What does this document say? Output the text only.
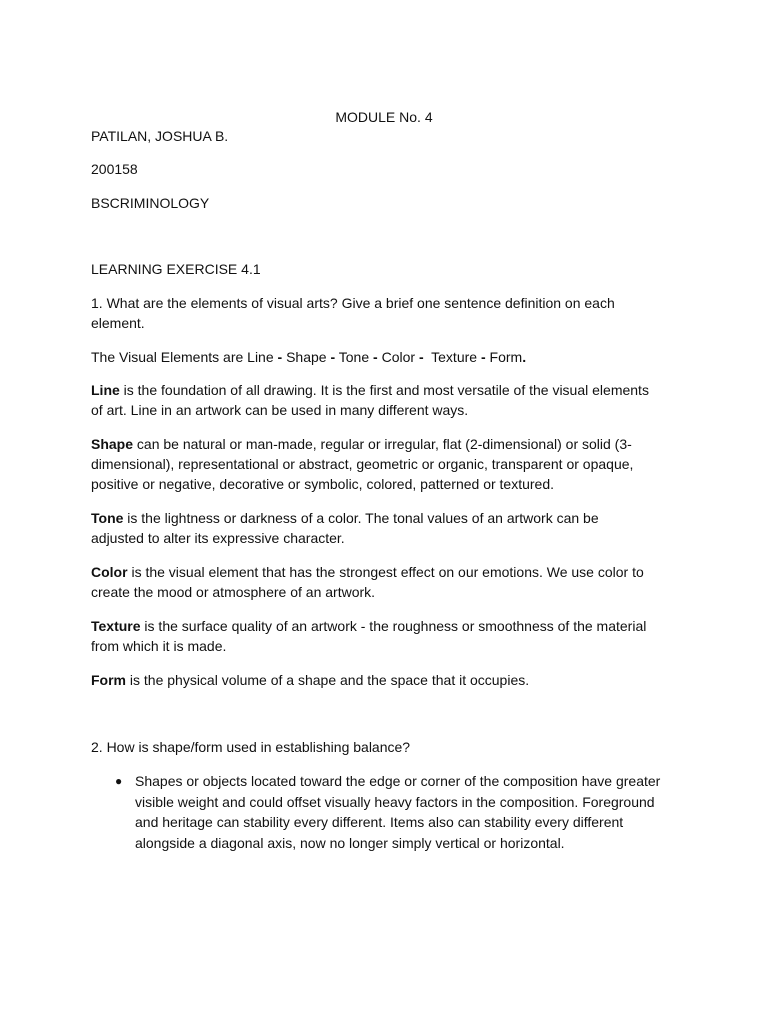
MODULE No. 4

PATILAN, JOSHUA B.

200158

BSCRIMINOLOGY

LEARNING EXERCISE 4.1

1. What are the elements of visual arts? Give a brief one sentence definition on each element.

The Visual Elements are Line - Shape - Tone - Color - Texture - Form.

Line is the foundation of all drawing. It is the first and most versatile of the visual elements of art. Line in an artwork can be used in many different ways.

Shape can be natural or man-made, regular or irregular, flat (2-dimensional) or solid (3-dimensional), representational or abstract, geometric or organic, transparent or opaque, positive or negative, decorative or symbolic, colored, patterned or textured.

Tone is the lightness or darkness of a color. The tonal values of an artwork can be adjusted to alter its expressive character.

Color is the visual element that has the strongest effect on our emotions. We use color to create the mood or atmosphere of an artwork.

Texture is the surface quality of an artwork - the roughness or smoothness of the material from which it is made.

Form is the physical volume of a shape and the space that it occupies.

2. How is shape/form used in establishing balance?

● Shapes or objects located toward the edge or corner of the composition have greater visible weight and could offset visually heavy factors in the composition. Foreground and heritage can stability every different. Items also can stability every different alongside a diagonal axis, now no longer simply vertical or horizontal.
